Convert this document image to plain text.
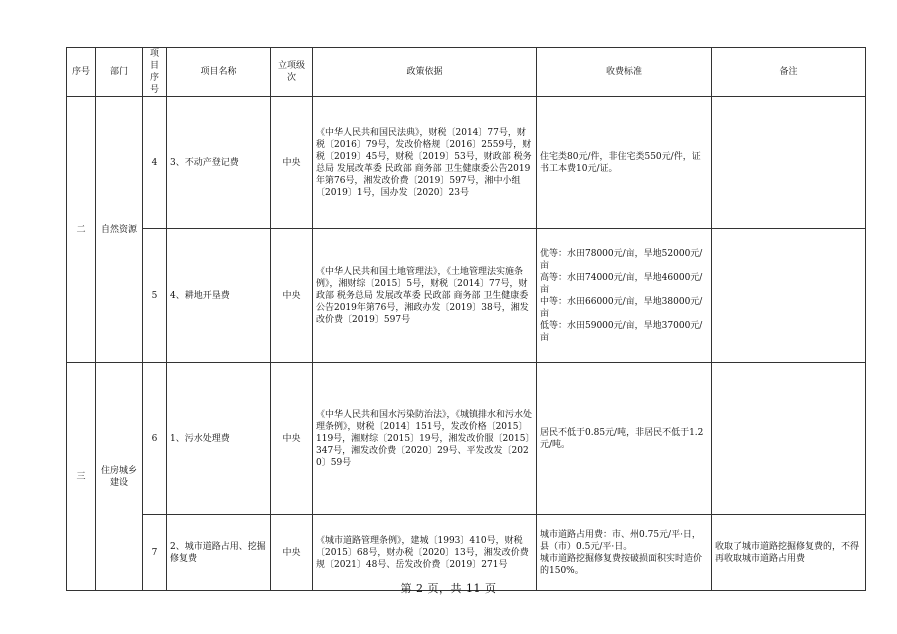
序号	部门	项目序号	项目名称	立项级次	政策依据	收费标准	备注
二	自然资源	4	3、不动产登记费	中央	《中华人民共和国民法典》，财税〔2014〕77号，财税〔2016〕79号，发改价格规〔2016〕2559号，财税〔2019〕45号，财税〔2019〕53号，财政部 税务总局 发展改革委 民政部 商务部 卫生健康委公告2019年第76号，湘发改价费〔2019〕597号，湘中小组〔2019〕1号，国办发〔2020〕23号	住宅类80元/件，非住宅类550元/件，证书工本费10元/证。	
		5	4、耕地开垦费	中央	《中华人民共和国土地管理法》，《土地管理法实施条例》，湘财综〔2015〕5号，财税〔2014〕77号，财政部 税务总局 发展改革委 民政部 商务部 卫生健康委公告2019年第76号，湘政办发〔2019〕38号，湘发改价费〔2019〕597号	优等：水田78000元/亩，旱地52000元/亩
高等：水田74000元/亩，旱地46000元/亩
中等：水田66000元/亩，旱地38000元/亩
低等：水田59000元/亩，旱地37000元/亩	
三	住房城乡建设	6	1、污水处理费	中央	《中华人民共和国水污染防治法》，《城镇排水和污水处理条例》，财税〔2014〕151号，发改价格〔2015〕119号，湘财综〔2015〕19号，湘发改价服〔2015〕347号，湘发改价费〔2020〕29号、平发改发〔2020〕59号	居民不低于0.85元/吨，非居民不低于1.2元/吨。	
		7	2、城市道路占用、挖掘修复费	中央	《城市道路管理条例》，建城〔1993〕410号，财税〔2015〕68号，财办税〔2020〕13号，湘发改价费规〔2021〕48号、岳发改价费〔2019〕271号	城市道路占用费：市、州0.75元/平·日，县（市）0.5元/平·日。
城市道路挖掘修复费按破损面积实时造价的150%。	收取了城市道路挖掘修复费的，不得再收取城市道路占用费
第 2 页，共 11 页
